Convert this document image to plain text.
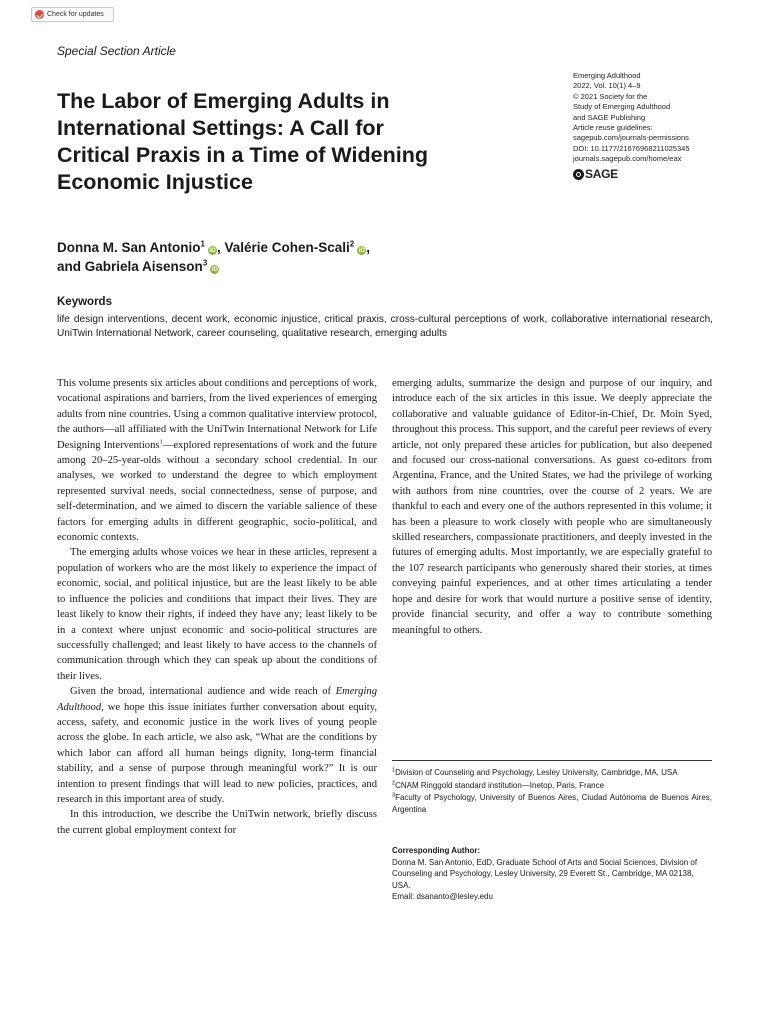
Check for updates
Special Section Article
The Labor of Emerging Adults in International Settings: A Call for Critical Praxis in a Time of Widening Economic Injustice
Emerging Adulthood
2022, Vol. 10(1) 4–9
© 2021 Society for the
Study of Emerging Adulthood
and SAGE Publishing
Article reuse guidelines:
sagepub.com/journals-permissions
DOI: 10.1177/21676968211025345
journals.sagepub.com/home/eax
SAGE
Donna M. San Antonio$^1$iD, Valérie Cohen-Scali$^2$iD,
and Gabriela Aisenson$^3$iD
Keywords

life design interventions, decent work, economic injustice, critical praxis, cross-cultural perceptions of work, collaborative international research, UniTwin International Network, career counseling, qualitative research, emerging adults

This volume presents six articles about conditions and perceptions of work, vocational aspirations and barriers, from the lived experiences of emerging adults from nine countries. Using a common qualitative interview protocol, the authors—all affiliated with the UniTwin International Network for Life Designing Interventions$^1$—explored representations of work and the future among 20–25-year-olds without a secondary school credential. In our analyses, we worked to understand the degree to which employment represented survival needs, social connectedness, sense of purpose, and self-determination, and we aimed to discern the variable salience of these factors for emerging adults in different geographic, socio-political, and economic contexts.

The emerging adults whose voices we hear in these articles, represent a population of workers who are the most likely to experience the impact of economic, social, and political injustice, but are the least likely to be able to influence the policies and conditions that impact their lives. They are least likely to know their rights, if indeed they have any; least likely to be in a context where unjust economic and socio-political structures are successfully challenged; and least likely to have access to the channels of communication through which they can speak up about the conditions of their lives.

Given the broad, international audience and wide reach of Emerging Adulthood, we hope this issue initiates further conversation about equity, access, safety, and economic justice in the work lives of young people across the globe. In each article, we also ask, “What are the conditions by which labor can afford all human beings dignity, long-term financial stability, and a sense of purpose through meaningful work?” It is our intention to present findings that will lead to new policies, practices, and research in this important area of study.

In this introduction, we describe the UniTwin network, briefly discuss the current global employment context for

emerging adults, summarize the design and purpose of our inquiry, and introduce each of the six articles in this issue. We deeply appreciate the collaborative and valuable guidance of Editor-in-Chief, Dr. Moin Syed, throughout this process. This support, and the careful peer reviews of every article, not only prepared these articles for publication, but also deepened and focused our cross-national conversations. As guest co-editors from Argentina, France, and the United States, we had the privilege of working with authors from nine countries, over the course of 2 years. We are thankful to each and every one of the authors represented in this volume; it has been a pleasure to work closely with people who are simultaneously skilled researchers, compassionate practitioners, and deeply invested in the futures of emerging adults. Most importantly, we are especially grateful to the 107 research participants who generously shared their stories, at times conveying painful experiences, and at other times articulating a tender hope and desire for work that would nurture a positive sense of identity, provide financial security, and offer a way to contribute something meaningful to others.

$^1$Division of Counseling and Psychology, Lesley University, Cambridge, MA, USA

$^2$CNAM Ringgold standard institution—Inetop, Paris, France

$^3$Faculty of Psychology, University of Buenos Aires, Ciudad Autónoma de Buenos Aires, Argentina

Corresponding Author:
Donna M. San Antonio, EdD, Graduate School of Arts and Social Sciences, Division of Counseling and Psychology, Lesley University, 29 Everett St., Cambridge, MA 02138, USA.
Email: dsananto@lesley.edu
